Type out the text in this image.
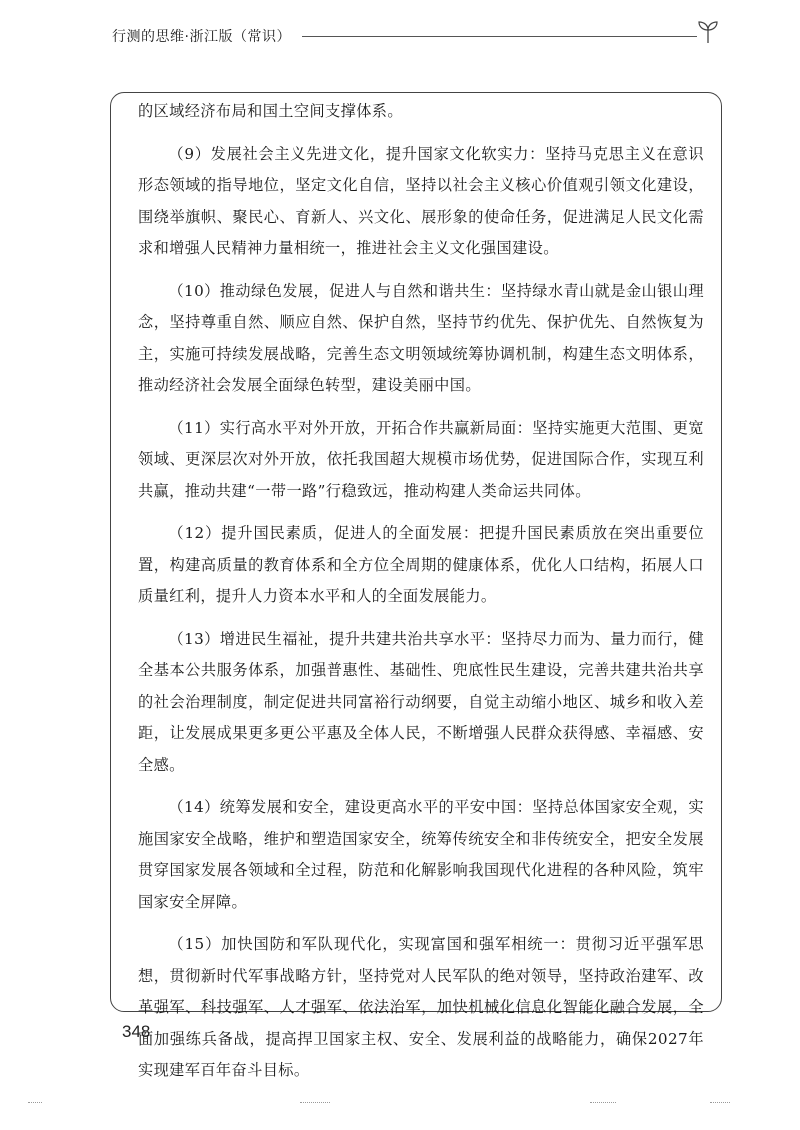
行测的思维·浙江版（常识）

的区域经济布局和国土空间支撑体系。

（9）发展社会主义先进文化，提升国家文化软实力：坚持马克思主义在意识形态领域的指导地位，坚定文化自信，坚持以社会主义核心价值观引领文化建设，围绕举旗帜、聚民心、育新人、兴文化、展形象的使命任务，促进满足人民文化需求和增强人民精神力量相统一，推进社会主义文化强国建设。

（10）推动绿色发展，促进人与自然和谐共生：坚持绿水青山就是金山银山理念，坚持尊重自然、顺应自然、保护自然，坚持节约优先、保护优先、自然恢复为主，实施可持续发展战略，完善生态文明领域统筹协调机制，构建生态文明体系，推动经济社会发展全面绿色转型，建设美丽中国。

（11）实行高水平对外开放，开拓合作共赢新局面：坚持实施更大范围、更宽领域、更深层次对外开放，依托我国超大规模市场优势，促进国际合作，实现互利共赢，推动共建“一带一路”行稳致远，推动构建人类命运共同体。

（12）提升国民素质，促进人的全面发展：把提升国民素质放在突出重要位置，构建高质量的教育体系和全方位全周期的健康体系，优化人口结构，拓展人口质量红利，提升人力资本水平和人的全面发展能力。

（13）增进民生福祉，提升共建共治共享水平：坚持尽力而为、量力而行，健全基本公共服务体系，加强普惠性、基础性、兜底性民生建设，完善共建共治共享的社会治理制度，制定促进共同富裕行动纲要，自觉主动缩小地区、城乡和收入差距，让发展成果更多更公平惠及全体人民，不断增强人民群众获得感、幸福感、安全感。

（14）统筹发展和安全，建设更高水平的平安中国：坚持总体国家安全观，实施国家安全战略，维护和塑造国家安全，统筹传统安全和非传统安全，把安全发展贯穿国家发展各领域和全过程，防范和化解影响我国现代化进程的各种风险，筑牢国家安全屏障。

（15）加快国防和军队现代化，实现富国和强军相统一：贯彻习近平强军思想，贯彻新时代军事战略方针，坚持党对人民军队的绝对领导，坚持政治建军、改革强军、科技强军、人才强军、依法治军，加快机械化信息化智能化融合发展，全面加强练兵备战，提高捍卫国家主权、安全、发展利益的战略能力，确保2027年实现建军百年奋斗目标。

348
